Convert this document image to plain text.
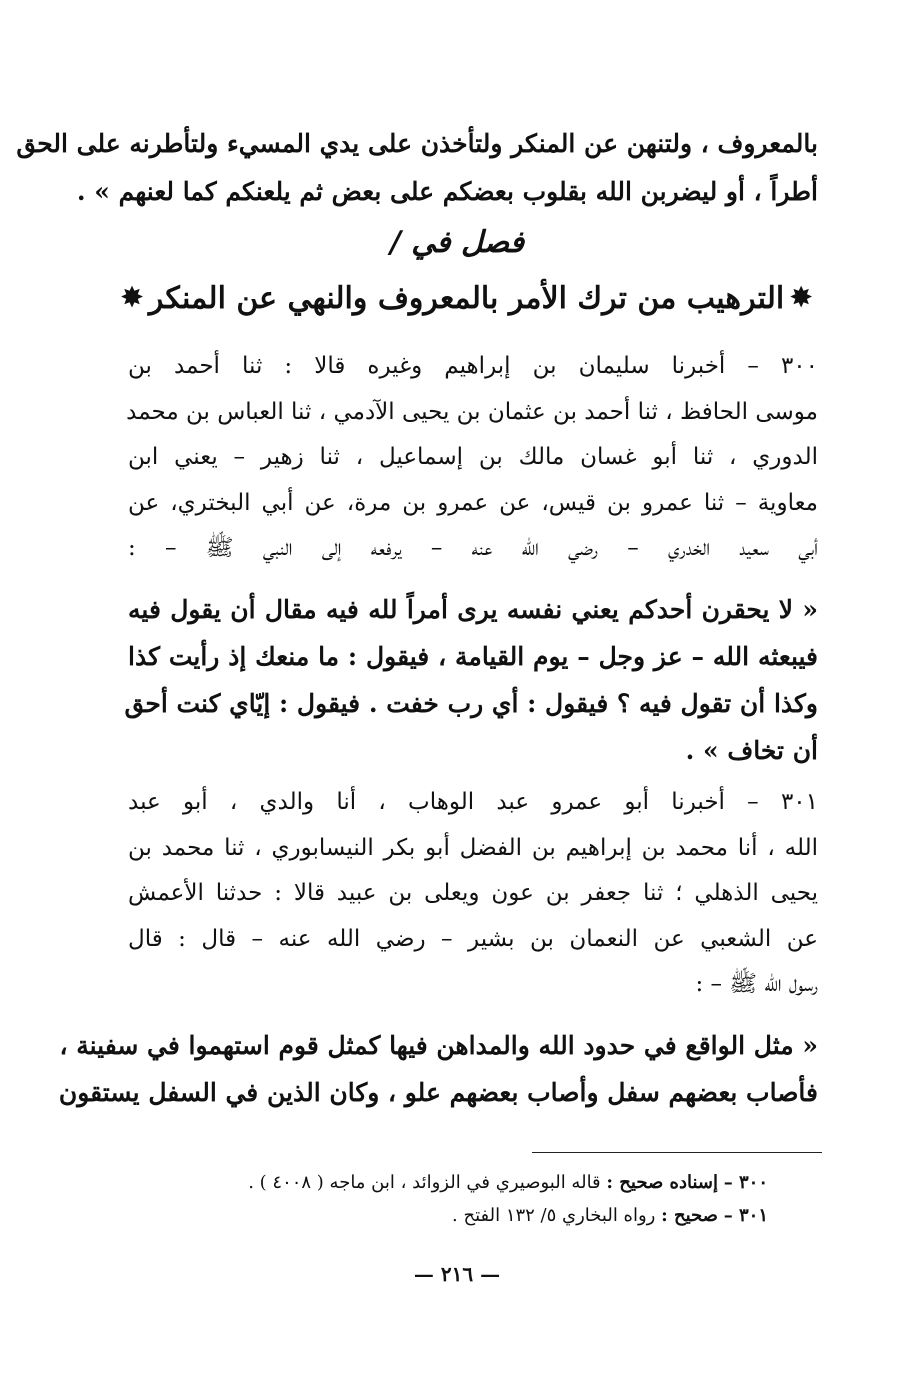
بالمعروف ، ولتنهن عن المنكر ولتأخذن على يدي المسيء ولتأطرنه على الحق
أطراً ، أو ليضربن الله بقلوب بعضكم على بعض ثم يلعنكم كما لعنهم » .
فصل في /
✸الترهيب من ترك الأمر بالمعروف والنهي عن المنكر✸
٣٠٠ – أخبرنا سليمان بن إبراهيم وغيره قالا : ثنا أحمد بن
موسى الحافظ ، ثنا أحمد بن عثمان بن يحيى الآدمي ، ثنا العباس بن محمد
الدوري ، ثنا أبو غسان مالك بن إسماعيل ، ثنا زهير – يعني ابن
معاوية – ثنا عمرو بن قيس، عن عمرو بن مرة، عن أبي البختري، عن
أبي سعيد الخدري – رضي الله عنه – يرفعه إلى النبي ﷺ – :
« لا يحقرن أحدكم يعني نفسه يرى أمراً لله فيه مقال أن يقول فيه
فيبعثه الله – عز وجل – يوم القيامة ، فيقول : ما منعك إذ رأيت كذا
وكذا أن تقول فيه ؟ فيقول : أي رب خفت . فيقول : إيّاي كنت أحق
أن تخاف » .
٣٠١ – أخبرنا أبو عمرو عبد الوهاب ، أنا والدي ، أبو عبد
الله ، أنا محمد بن إبراهيم بن الفضل أبو بكر النيسابوري ، ثنا محمد بن
يحيى الذهلي ؛ ثنا جعفر بن عون ويعلى بن عبيد قالا : حدثنا الأعمش
عن الشعبي عن النعمان بن بشير – رضي الله عنه – قال : قال
رسول الله ﷺ – :
« مثل الواقع في حدود الله والمداهن فيها كمثل قوم استهموا في سفينة ،
فأصاب بعضهم سفل وأصاب بعضهم علو ، وكان الذين في السفل يستقون
٣٠٠ – إسناده صحيح : قاله البوصيري في الزوائد ، ابن ماجه ( ٤٠٠٨ ) .
٣٠١ – صحيح : رواه البخاري ٥/ ١٣٢ الفتح .
— ٢١٦ —
